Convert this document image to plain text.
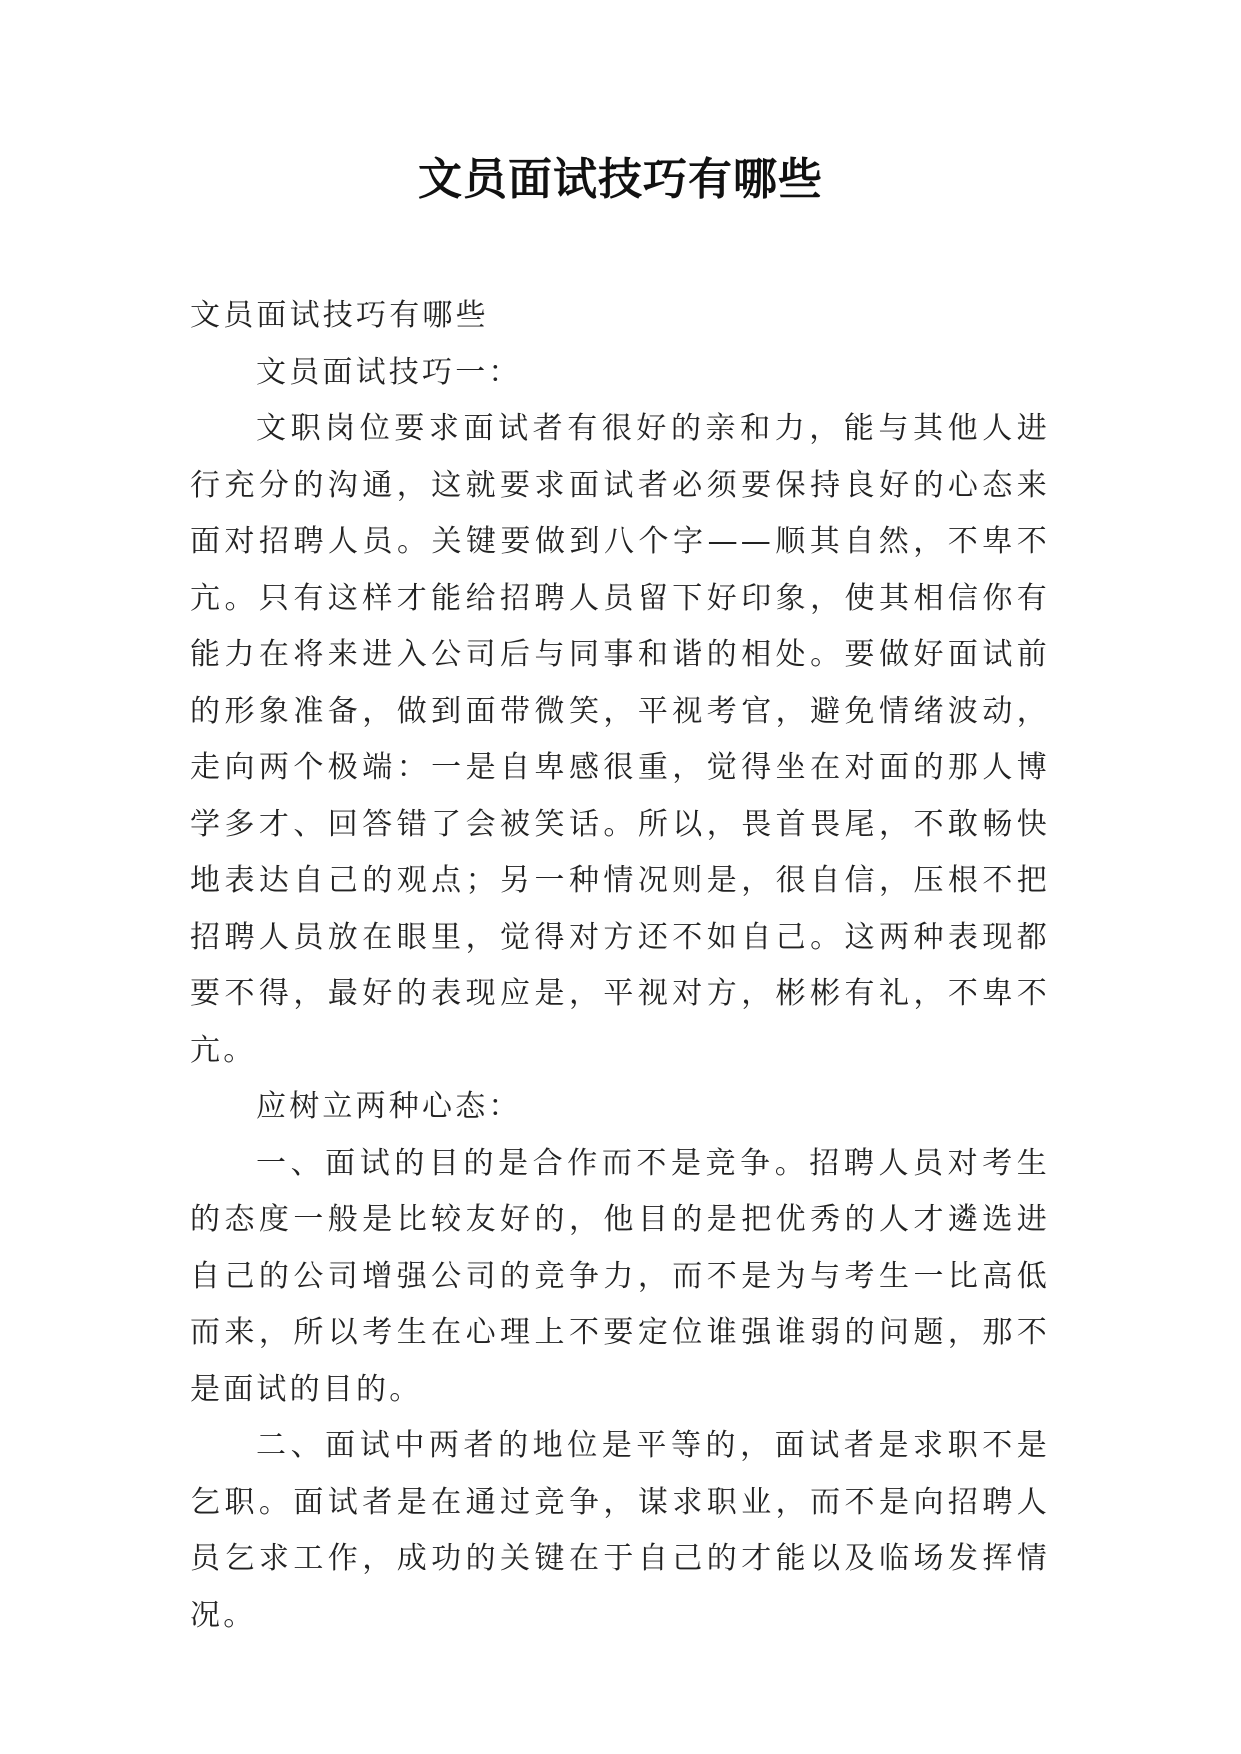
文员面试技巧有哪些

文员面试技巧有哪些

文员面试技巧一：

文职岗位要求面试者有很好的亲和力，能与其他人进行充分的沟通，这就要求面试者必须要保持良好的心态来面对招聘人员。关键要做到八个字——顺其自然，不卑不亢。只有这样才能给招聘人员留下好印象，使其相信你有能力在将来进入公司后与同事和谐的相处。要做好面试前的形象准备，做到面带微笑，平视考官，避免情绪波动，走向两个极端：一是自卑感很重，觉得坐在对面的那人博学多才、回答错了会被笑话。所以，畏首畏尾，不敢畅快地表达自己的观点；另一种情况则是，很自信，压根不把招聘人员放在眼里，觉得对方还不如自己。这两种表现都要不得，最好的表现应是，平视对方，彬彬有礼，不卑不亢。

应树立两种心态：

一、面试的目的是合作而不是竞争。招聘人员对考生的态度一般是比较友好的，他目的是把优秀的人才遴选进自己的公司增强公司的竞争力，而不是为与考生一比高低而来，所以考生在心理上不要定位谁强谁弱的问题，那不是面试的目的。

二、面试中两者的地位是平等的，面试者是求职不是乞职。面试者是在通过竞争，谋求职业，而不是向招聘人员乞求工作，成功的关键在于自己的才能以及临场发挥情况。
